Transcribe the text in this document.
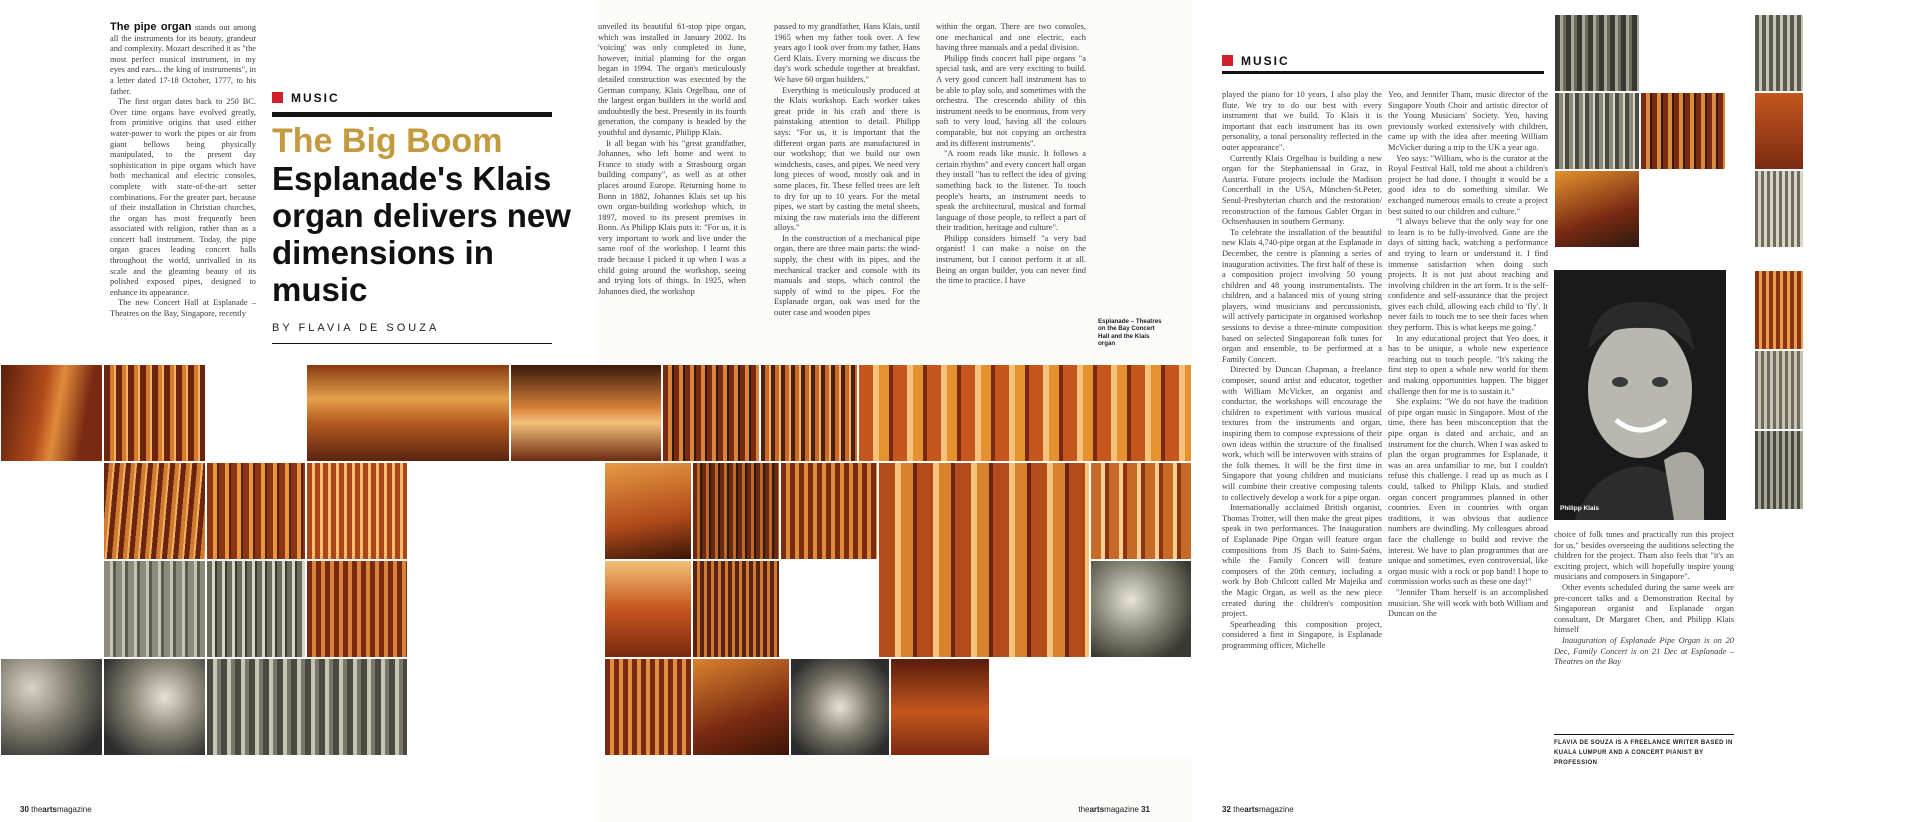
The pipe organ stands out among all the instruments for its beauty, grandeur and complexity. Mozart described it as "the most perfect musical instrument, in my eyes and ears... the king of instruments", in a letter dated 17-18 October, 1777, to his father.

The first organ dates back to 250 BC. Over time organs have evolved greatly, from primitive origins that used either water-power to work the pipes or air from giant bellows being physically manipulated, to the present day sophistication in pipe organs which have both mechanical and electric consoles, complete with state-of-the-art setter combinations. For the greater part, because of their installation in Christian churches, the organ has most frequently been associated with religion, rather than as a concert hall instrument. Today, the pipe organ graces leading concert halls throughout the world, unrivalled in its scale and the gleaming beauty of its polished exposed pipes, designed to enhance its appearance.

The new Concert Hall at Esplanade – Theatres on the Bay, Singapore, recently

MUSIC
The Big Boom
Esplanade's Klais organ delivers new dimensions in music
BY FLAVIA DE SOUZA
30 theartsmagazine

unveiled its beautiful 61-stop pipe organ, which was installed in January 2002. Its 'voicing' was only completed in June, however, initial planning for the organ began in 1994. The organ's meticulously detailed construction was executed by the German company, Klais Orgelbau, one of the largest organ builders in the world and undoubtedly the best. Presently in its fourth generation, the company is headed by the youthful and dynamic, Philipp Klais.

It all began with his "great grandfather, Johannes, who left home and went to France to study with a Strasbourg organ building company", as well as at other places around Europe. Returning home to Bonn in 1882, Johannes Klais set up his own organ-building workshop which, in 1897, moved to its present premises in Bonn. As Philipp Klais puts it: "For us, it is very important to work and live under the same roof of the workshop. I learnt this trade because I picked it up when I was a child going around the workshop, seeing and trying lots of things. In 1925, when Johannes died, the workshop

passed to my grandfather, Hans Klais, until 1965 when my father took over. A few years ago I took over from my father, Hans Gerd Klais. Every morning we discuss the day's work schedule together at breakfast. We have 60 organ builders."

Everything is meticulously produced at the Klais workshop. Each worker takes great pride in his craft and there is painstaking attention to detail. Philipp says: "For us, it is important that the different organ parts are manufactured in our workshop; that we build our own windchests, cases, and pipes. We need very long pieces of wood, mostly oak and in some places, fir. These felled trees are left to dry for up to 10 years. For the metal pipes, we start by casting the metal sheets, mixing the raw materials into the different alloys."

In the construction of a mechanical pipe organ, there are three main parts: the wind-supply, the chest with its pipes, and the mechanical tracker and console with its manuals and stops, which control the supply of wind to the pipes. For the Esplanade organ, oak was used for the outer case and wooden pipes

within the organ. There are two consoles, one mechanical and one electric, each having three manuals and a pedal division.

Philipp finds concert hall pipe organs "a special task, and are very exciting to build. A very good concert hall instrument has to be able to play solo, and sometimes with the orchestra. The crescendo ability of this instrument needs to be enormous, from very soft to very loud, having all the colours comparable, but not copying an orchestra and its different instruments".

"A room reads like music. It follows a certain rhythm" and every concert hall organ they install "has to reflect the idea of giving something back to the listener. To touch people's hearts, an instrument needs to speak the architectural, musical and formal language of those people, to reflect a part of their tradition, heritage and culture".

Philipp considers himself "a very bad organist! I can make a noise on the instrument, but I cannot perform it at all. Being an organ builder, you can never find the time to practice. I have

Esplanade – Theatres on the Bay Concert Hall and the Klais organ
theartsmagazine 31
MUSIC

played the piano for 10 years, I also play the flute. We try to do our best with every instrument that we build. To Klais it is important that each instrument has its own personality, a tonal personality reflected in the outer appearance".

Currently Klais Orgelbau is building a new organ for the Stephaniensaal in Graz, in Austria. Future projects include the Madison Concerthall in the USA, München-St.Peter, Seoul-Presbyterian church and the restoration/ reconstruction of the famous Gabler Organ in Ochsenhausen in southern Germany.

To celebrate the installation of the beautiful new Klais 4,740-pipe organ at the Esplanade in December, the centre is planning a series of inauguration activities. The first half of these is a composition project involving 50 young children and 48 young instrumentalists. The children, and a balanced mix of young string players, wind musicians and percussionists, will actively participate in organised workshop sessions to devise a three-minute composition based on selected Singaporean folk tunes for organ and ensemble, to be performed at a Family Concert.

Directed by Duncan Chapman, a freelance composer, sound artist and educator, together with William McVicker, an organist and conductor, the workshops will encourage the children to experiment with various musical textures from the instruments and organ, inspiring them to compose expressions of their own ideas within the structure of the finalised work, which will be interwoven with strains of the folk themes. It will be the first time in Singapore that young children and musicians will combine their creative composing talents to collectively develop a work for a pipe organ.

Internationally acclaimed British organist, Thomas Trotter, will then make the great pipes speak in two performances. The Inauguration of Esplanade Pipe Organ will feature organ compositions from JS Bach to Saint-Saëns, while the Family Concert will feature composers of the 20th century, including a work by Bob Chilcott called Mr Majeika and the Magic Organ, as well as the new piece created during the children's composition project.

Spearheading this composition project, considered a first in Singapore, is Esplanade programming officer, Michelle

Yeo, and Jennifer Tham, music director of the Singapore Youth Choir and artistic director of the Young Musicians' Society. Yeo, having previously worked extensively with children, came up with the idea after meeting William McVicker during a trip to the UK a year ago.

Yeo says: "William, who is the curator at the Royal Festival Hall, told me about a children's project he had done. I thought it would be a good idea to do something similar. We exchanged numerous emails to create a project best suited to our children and culture."

"I always believe that the only way for one to learn is to be fully-involved. Gone are the days of sitting back, watching a performance and trying to learn or understand it. I find immense satisfaction when doing such projects. It is not just about teaching and involving children in the art form. It is the self-confidence and self-assurance that the project gives each child, allowing each child to 'fly'. It never fails to touch me to see their faces when they perform. This is what keeps me going."

In any educational project that Yeo does, it has to be unique, a whole new experience reaching out to touch people. "It's taking the first step to open a whole new world for them and making opportunities happen. The bigger challenge then for me is to sustain it."

She explains: "We do not have the tradition of pipe organ music in Singapore. Most of the time, there has been misconception that the pipe organ is dated and archaic, and an instrument for the church. When I was asked to plan the organ programmes for Esplanade, it was an area unfamiliar to me, but I couldn't refuse this challenge. I read up as much as I could, talked to Philipp Klais, and studied organ concert programmes planned in other countries. Even in countries with organ traditions, it was obvious that audience numbers are dwindling. My colleagues abroad face the challenge to build and revive the interest. We have to plan programmes that are unique and sometimes, even controversial, like organ music with a rock or pop band! I hope to commission works such as these one day!"

"Jennifer Tham herself is an accomplished musician. She will work with both William and Duncan on the

Philipp Klais

choice of folk tunes and practically run this project for us," besides overseeing the auditions selecting the children for the project. Tham also feels that "it's an exciting project, which will hopefully inspire young musicians and composers in Singapore".

Other events scheduled during the same week are pre-concert talks and a Demonstration Recital by Singaporean organist and Esplanade organ consultant, Dr Margaret Chen, and Philipp Klais himself

Inauguration of Esplanade Pipe Organ is on 20 Dec, Family Concert is on 21 Dec at Esplanade – Theatres on the Bay

FLAVIA DE SOUZA IS A FREELANCE WRITER BASED IN KUALA LUMPUR AND A CONCERT PIANIST BY PROFESSION
32 theartsmagazine
